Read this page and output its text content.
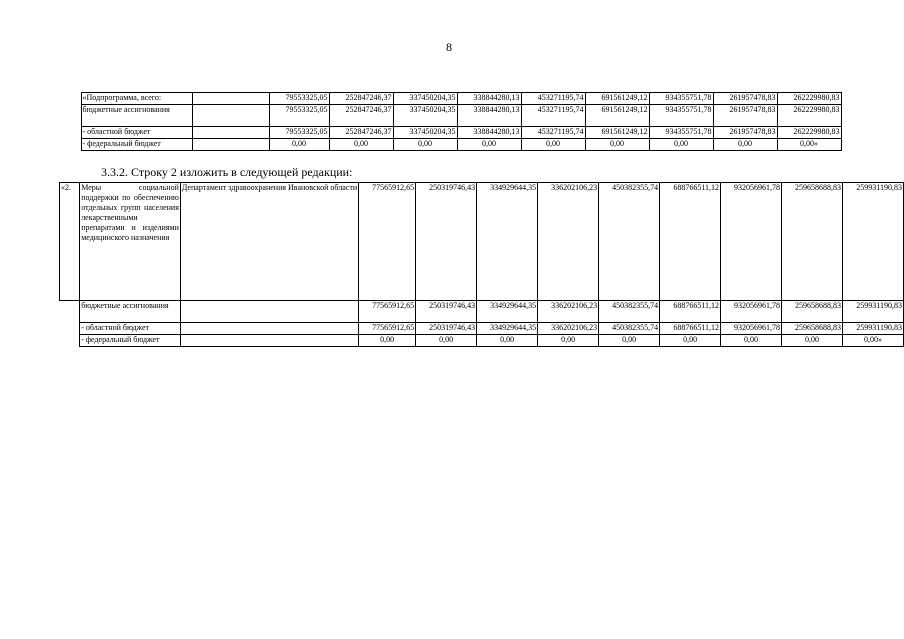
8
	«Подпрограмма, всего:		79553325,05	252847246,37	337450204,35	338844280,13	453271195,74	691561249,12	934355751,78	261957478,83	262229980,83
	бюджетные ассигнования		79553325,05	252847246,37	337450204,35	338844280,13	453271195,74	691561249,12	934355751,78	261957478,83	262229980,83
	- областной бюджет		79553325,05	252847246,37	337450204,35	338844280,13	453271195,74	691561249,12	934355751,78	261957478,83	262229980,83
	- федеральный бюджет		0,00	0,00	0,00	0,00	0,00	0,00	0,00	0,00	0,00»
3.3.2. Строку 2 изложить в следующей редакции:
«2.	Меры социальной поддержки по обеспечению отдельных групп населения лекарственными препаратами и изделиями медицинского назначения	Департамент здравоохранения Ивановской области	77565912,65	250319746,43	334929644,35	336202106,23	450382355,74	688766511,12	932056961,78	259658688,83	259931190,83
	бюджетные ассигнования		77565912,65	250319746,43	334929644,35	336202106,23	450382355,74	688766511,12	932056961,78	259658688,83	259931190,83
	- областной бюджет		77565912,65	250319746,43	334929644,35	336202106,23	450382355,74	688766511,12	932056961,78	259658688,83	259931190,83
	- федеральный бюджет		0,00	0,00	0,00	0,00	0,00	0,00	0,00	0,00	0,00»
